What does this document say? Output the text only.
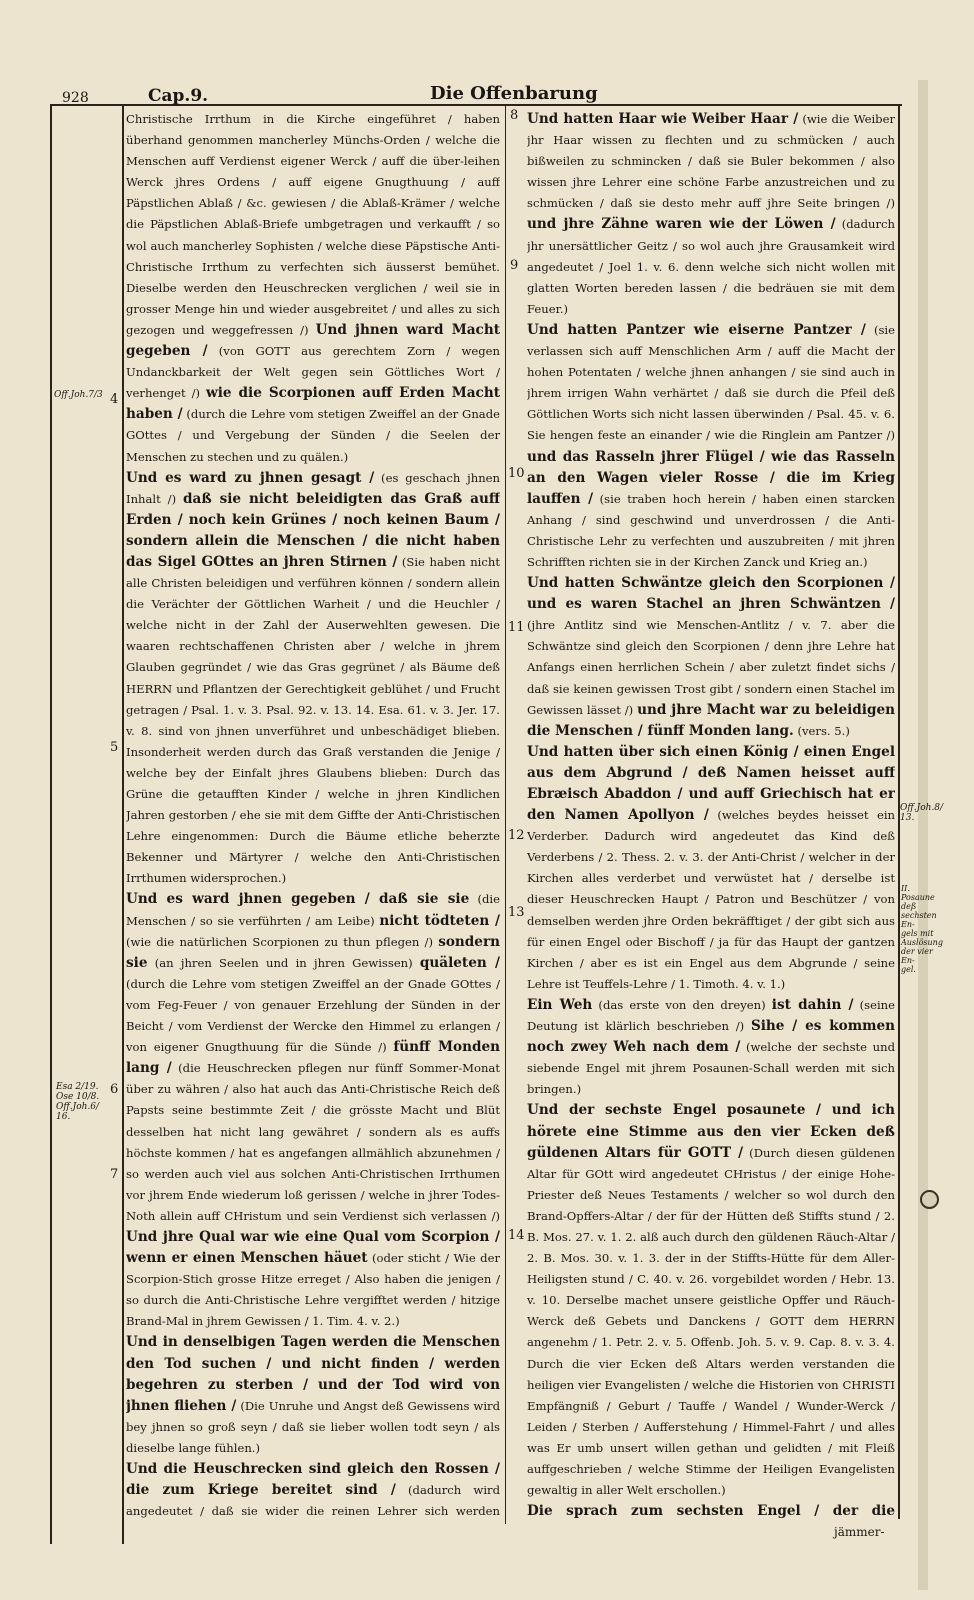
928	Cap.9.	Die Offenbarung
Off.Joh.7/3
Esa 2/19.
Ose 10/8.
Off.Joh.6/
16.
Off.Joh.8/
13.
II.
Posaune deß
sechsten En-
gels mit
Auslösung
der vier En-
gel.
4
5
6
7
8
9
10
11
12
13
14

Christische Irrthum in die Kirche eingeführet / haben überhand genommen mancherley Münchs-Orden / welche die Menschen auff Verdienst eigener Werck / auff die über-leihen Werck jhres Ordens / auff eigene Gnugthuung / auff Päpstlichen Ablaß / &c. gewiesen / die Ablaß-Krämer / welche die Päpstlichen Ablaß-Briefe umbgetragen und verkaufft / so wol auch mancherley Sophisten / welche diese Päpstische Anti-Christische Irrthum zu verfechten sich äusserst bemühet. Dieselbe werden den Heuschrecken verglichen / weil sie in grosser Menge hin und wieder ausgebreitet / und alles zu sich gezogen und weggefressen /) Und jhnen ward Macht gegeben / (von GOTT aus gerechtem Zorn / wegen Undanckbarkeit der Welt gegen sein Göttliches Wort / verhenget /) wie die Scorpionen auff Erden Macht haben / (durch die Lehre vom stetigen Zweiffel an der Gnade GOttes / und Vergebung der Sünden / die Seelen der Menschen zu stechen und zu quälen.)

Und es ward zu jhnen gesagt / (es geschach jhnen Inhalt /) daß sie nicht beleidigten das Graß auff Erden / noch kein Grünes / noch keinen Baum / sondern allein die Menschen / die nicht haben das Sigel GOttes an jhren Stirnen / (Sie haben nicht alle Christen beleidigen und verführen können / sondern allein die Verächter der Göttlichen Warheit / und die Heuchler / welche nicht in der Zahl der Auserwehlten gewesen. Die waaren rechtschaffenen Christen aber / welche in jhrem Glauben gegründet / wie das Gras gegrünet / als Bäume deß HERRN und Pflantzen der Gerechtigkeit geblühet / und Frucht getragen / Psal. 1. v. 3. Psal. 92. v. 13. 14. Esa. 61. v. 3. Jer. 17. v. 8. sind von jhnen unverführet und unbeschädiget blieben. Insonderheit werden durch das Graß verstanden die Jenige / welche bey der Einfalt jhres Glaubens blieben: Durch das Grüne die getaufften Kinder / welche in jhren Kindlichen Jahren gestorben / ehe sie mit dem Giffte der Anti-Christischen Lehre eingenommen: Durch die Bäume etliche beherzte Bekenner und Märtyrer / welche den Anti-Christischen Irrthumen widersprochen.)

Und es ward jhnen gegeben / daß sie sie (die Menschen / so sie verführten / am Leibe) nicht tödteten / (wie die natürlichen Scorpionen zu thun pflegen /) sondern sie (an jhren Seelen und in jhren Gewissen) quäleten / (durch die Lehre vom stetigen Zweiffel an der Gnade GOttes / vom Feg-Feuer / von genauer Erzehlung der Sünden in der Beicht / vom Verdienst der Wercke den Himmel zu erlangen / von eigener Gnugthuung für die Sünde /) fünff Monden lang / (die Heuschrecken pflegen nur fünff Sommer-Monat über zu währen / also hat auch das Anti-Christische Reich deß Papsts seine bestimmte Zeit / die grösste Macht und Blüt desselben hat nicht lang gewähret / sondern als es auffs höchste kommen / hat es angefangen allmählich abzunehmen / so werden auch viel aus solchen Anti-Christischen Irrthumen vor jhrem Ende wiederum loß gerissen / welche in jhrer Todes-Noth allein auff CHristum und sein Verdienst sich verlassen /) Und jhre Qual war wie eine Qual vom Scorpion / wenn er einen Menschen häuet (oder sticht / Wie der Scorpion-Stich grosse Hitze erreget / Also haben die jenigen / so durch die Anti-Christische Lehre vergifftet werden / hitzige Brand-Mal in jhrem Gewissen / 1. Tim. 4. v. 2.)

Und in denselbigen Tagen werden die Menschen den Tod suchen / und nicht finden / werden begehren zu sterben / und der Tod wird von jhnen fliehen / (Die Unruhe und Angst deß Gewissens wird bey jhnen so groß seyn / daß sie lieber wollen todt seyn / als dieselbe lange fühlen.)

Und die Heuschrecken sind gleich den Rossen / die zum Kriege bereitet sind / (dadurch wird angedeutet / daß sie wider die reinen Lehrer sich werden

Und hatten Haar wie Weiber Haar / (wie die Weiber jhr Haar wissen zu flechten und zu schmücken / auch bißweilen zu schmincken / daß sie Buler bekommen / also wissen jhre Lehrer eine schöne Farbe anzustreichen und zu schmücken / daß sie desto mehr auff jhre Seite bringen /) und jhre Zähne waren wie der Löwen / (dadurch jhr unersättlicher Geitz / so wol auch jhre Grausamkeit wird angedeutet / Joel 1. v. 6. denn welche sich nicht wollen mit glatten Worten bereden lassen / die bedräuen sie mit dem Feuer.)

Und hatten Pantzer wie eiserne Pantzer / (sie verlassen sich auff Menschlichen Arm / auff die Macht der hohen Potentaten / welche jhnen anhangen / sie sind auch in jhrem irrigen Wahn verhärtet / daß sie durch die Pfeil deß Göttlichen Worts sich nicht lassen überwinden / Psal. 45. v. 6. Sie hengen feste an einander / wie die Ringlein am Pantzer /) und das Rasseln jhrer Flügel / wie das Rasseln an den Wagen vieler Rosse / die im Krieg lauffen / (sie traben hoch herein / haben einen starcken Anhang / sind geschwind und unverdrossen / die Anti-Christische Lehr zu verfechten und auszubreiten / mit jhren Schrifften richten sie in der Kirchen Zanck und Krieg an.)

Und hatten Schwäntze gleich den Scorpionen / und es waren Stachel an jhren Schwäntzen / (jhre Antlitz sind wie Menschen-Antlitz / v. 7. aber die Schwäntze sind gleich den Scorpionen / denn jhre Lehre hat Anfangs einen herrlichen Schein / aber zuletzt findet sichs / daß sie keinen gewissen Trost gibt / sondern einen Stachel im Gewissen lässet /) und jhre Macht war zu beleidigen die Menschen / fünff Monden lang. (vers. 5.)

Und hatten über sich einen König / einen Engel aus dem Abgrund / deß Namen heisset auff Ebræisch Abaddon / und auff Griechisch hat er den Namen Apollyon / (welches beydes heisset ein Verderber. Dadurch wird angedeutet das Kind deß Verderbens / 2. Thess. 2. v. 3. der Anti-Christ / welcher in der Kirchen alles verderbet und verwüstet hat / derselbe ist dieser Heuschrecken Haupt / Patron und Beschützer / von demselben werden jhre Orden bekräfftiget / der gibt sich aus für einen Engel oder Bischoff / ja für das Haupt der gantzen Kirchen / aber es ist ein Engel aus dem Abgrunde / seine Lehre ist Teuffels-Lehre / 1. Timoth. 4. v. 1.)

Ein Weh (das erste von den dreyen) ist dahin / (seine Deutung ist klärlich beschrieben /) Sihe / es kommen noch zwey Weh nach dem / (welche der sechste und siebende Engel mit jhrem Posaunen-Schall werden mit sich bringen.)

Und der sechste Engel posaunete / und ich hörete eine Stimme aus den vier Ecken deß güldenen Altars für GOTT / (Durch diesen güldenen Altar für GOtt wird angedeutet CHristus / der einige Hohe-Priester deß Neues Testaments / welcher so wol durch den Brand-Opffers-Altar / der für der Hütten deß Stiffts stund / 2. B. Mos. 27. v. 1. 2. alß auch durch den güldenen Räuch-Altar / 2. B. Mos. 30. v. 1. 3. der in der Stiffts-Hütte für dem Aller-Heiligsten stund / C. 40. v. 26. vorgebildet worden / Hebr. 13. v. 10. Derselbe machet unsere geistliche Opffer und Räuch-Werck deß Gebets und Danckens / GOTT dem HERRN angenehm / 1. Petr. 2. v. 5. Offenb. Joh. 5. v. 9. Cap. 8. v. 3. 4. Durch die vier Ecken deß Altars werden verstanden die heiligen vier Evangelisten / welche die Historien von CHRISTI Empfängniß / Geburt / Tauffe / Wandel / Wunder-Werck / Leiden / Sterben / Aufferstehung / Himmel-Fahrt / und alles was Er umb unsert willen gethan und gelidten / mit Fleiß auffgeschrieben / welche Stimme der Heiligen Evangelisten gewaltig in aller Welt erschollen.)

Die sprach zum sechsten Engel / der die

jämmer-
